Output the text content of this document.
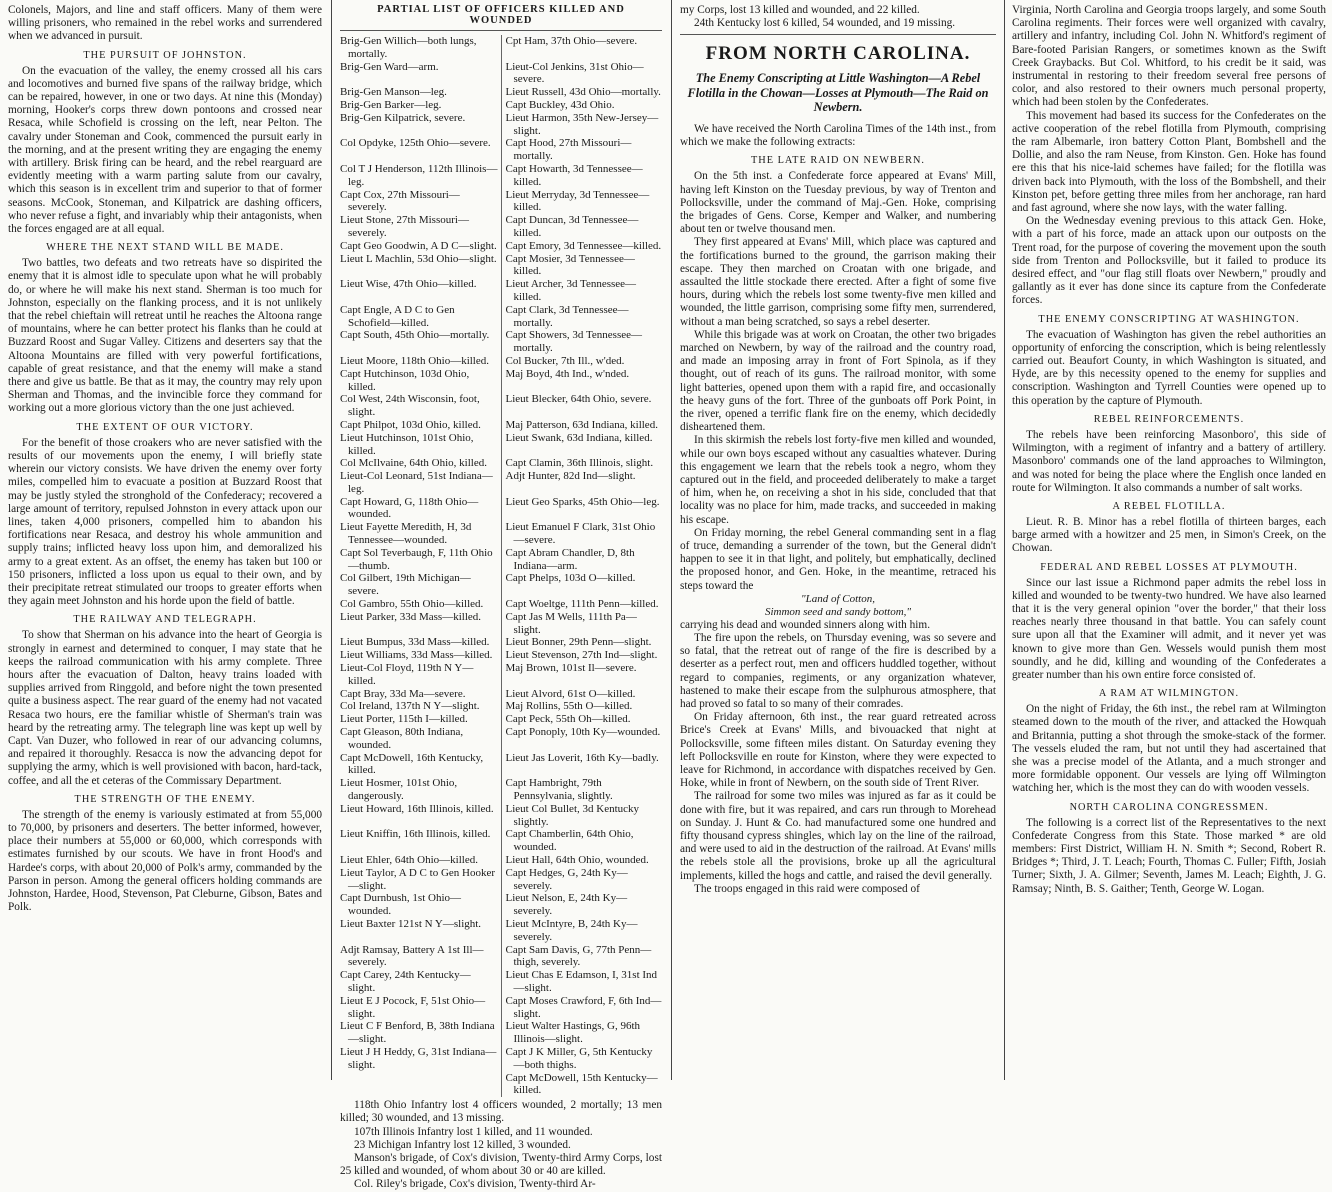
Colonels, Majors, and line and staff officers. Many of them were willing prisoners, who remained in the rebel works and surrendered when we advanced in pursuit.

THE PURSUIT OF JOHNSTON.

On the evacuation of the valley, the enemy crossed all his cars and locomotives and burned five spans of the railway bridge, which can be repaired, however, in one or two days. At nine this (Monday) morning, Hooker's corps threw down pontoons and crossed near Resaca, while Schofield is crossing on the left, near Pelton. The cavalry under Stoneman and Cook, commenced the pursuit early in the morning, and at the present writing they are engaging the enemy with artillery. Brisk firing can be heard, and the rebel rearguard are evidently meeting with a warm parting salute from our cavalry, which this season is in excellent trim and superior to that of former seasons. McCook, Stoneman, and Kilpatrick are dashing officers, who never refuse a fight, and invariably whip their antagonists, when the forces engaged are at all equal.

WHERE THE NEXT STAND WILL BE MADE.

Two battles, two defeats and two retreats have so dispirited the enemy that it is almost idle to speculate upon what he will probably do, or where he will make his next stand. Sherman is too much for Johnston, especially on the flanking process, and it is not unlikely that the rebel chieftain will retreat until he reaches the Altoona range of mountains, where he can better protect his flanks than he could at Buzzard Roost and Sugar Valley. Citizens and deserters say that the Altoona Mountains are filled with very powerful fortifications, capable of great resistance, and that the enemy will make a stand there and give us battle. Be that as it may, the country may rely upon Sherman and Thomas, and the invincible force they command for working out a more glorious victory than the one just achieved.

THE EXTENT OF OUR VICTORY.

For the benefit of those croakers who are never satisfied with the results of our movements upon the enemy, I will briefly state wherein our victory consists. We have driven the enemy over forty miles, compelled him to evacuate a position at Buzzard Roost that may be justly styled the stronghold of the Confederacy; recovered a large amount of territory, repulsed Johnston in every attack upon our lines, taken 4,000 prisoners, compelled him to abandon his fortifications near Resaca, and destroy his whole ammunition and supply trains; inflicted heavy loss upon him, and demoralized his army to a great extent. As an offset, the enemy has taken but 100 or 150 prisoners, inflicted a loss upon us equal to their own, and by their precipitate retreat stimulated our troops to greater efforts when they again meet Johnston and his horde upon the field of battle.

THE RAILWAY AND TELEGRAPH.

To show that Sherman on his advance into the heart of Georgia is strongly in earnest and determined to conquer, I may state that he keeps the railroad communication with his army complete. Three hours after the evacuation of Dalton, heavy trains loaded with supplies arrived from Ringgold, and before night the town presented quite a business aspect. The rear guard of the enemy had not vacated Resaca two hours, ere the familiar whistle of Sherman's train was heard by the retreating army. The telegraph line was kept up well by Capt. Van Duzer, who followed in rear of our advancing columns, and repaired it thoroughly. Resacca is now the advancing depot for supplying the army, which is well provisioned with bacon, hard-tack, coffee, and all the et ceteras of the Commissary Department.

THE STRENGTH OF THE ENEMY.

The strength of the enemy is variously estimated at from 55,000 to 70,000, by prisoners and deserters. The better informed, however, place their numbers at 55,000 or 60,000, which corresponds with estimates furnished by our scouts. We have in front Hood's and Hardee's corps, with about 20,000 of Polk's army, commanded by the Parson in person. Among the general officers holding commands are Johnston, Hardee, Hood, Stevenson, Pat Cleburne, Gibson, Bates and Polk.

PARTIAL LIST OF OFFICERS KILLED AND
WOUNDED
Brig-Gen Willich—both lungs, mortally.	Cpt Ham, 37th Ohio—severe.
Brig-Gen Ward—arm.	Lieut-Col Jenkins, 31st Ohio—severe.
Brig-Gen Manson—leg.	Lieut Russell, 43d Ohio—mortally.
Brig-Gen Barker—leg.	Capt Buckley, 43d Ohio.
Brig-Gen Kilpatrick, severe.	Lieut Harmon, 35th New-Jersey—slight.
Col Opdyke, 125th Ohio—severe.	Capt Hood, 27th Missouri—mortally.
Col T J Henderson, 112th Illinois—leg.	Capt Howarth, 3d Tennessee—killed.
Capt Cox, 27th Missouri—severely.	Lieut Merryday, 3d Tennessee—killed.
Lieut Stone, 27th Missouri—severely.	Capt Duncan, 3d Tennessee—killed.
Capt Geo Goodwin, A D C—slight.	Capt Emory, 3d Tennessee—killed.
Lieut L Machlin, 53d Ohio—slight.	Capt Mosier, 3d Tennessee—killed.
Lieut Wise, 47th Ohio—killed.	Lieut Archer, 3d Tennessee—killed.
Capt Engle, A D C to Gen Schofield—killed.	Capt Clark, 3d Tennessee—mortally.
Capt South, 45th Ohio—mortally.	Capt Showers, 3d Tennessee—mortally.
Lieut Moore, 118th Ohio—killed.	Col Bucker, 7th Ill., w'ded.
Capt Hutchinson, 103d Ohio, killed.	Maj Boyd, 4th Ind., w'nded.
Col West, 24th Wisconsin, foot, slight.	Lieut Blecker, 64th Ohio, severe.
Capt Philpot, 103d Ohio, killed.	Maj Patterson, 63d Indiana, killed.
Lieut Hutchinson, 101st Ohio, killed.	Lieut Swank, 63d Indiana, killed.
Col McIlvaine, 64th Ohio, killed.	Capt Clamin, 36th Illinois, slight.
Lieut-Col Leonard, 51st Indiana—leg.	Adjt Hunter, 82d Ind—slight.
Capt Howard, G, 118th Ohio—wounded.	Lieut Geo Sparks, 45th Ohio—leg.
Lieut Fayette Meredith, H, 3d Tennessee—wounded.	Lieut Emanuel F Clark, 31st Ohio—severe.
Capt Sol Teverbaugh, F, 11th Ohio—thumb.	Capt Abram Chandler, D, 8th Indiana—arm.
Col Gilbert, 19th Michigan—severe.	Capt Phelps, 103d O—killed.
Col Gambro, 55th Ohio—killed.	Capt Woeltge, 111th Penn—killed.
Lieut Parker, 33d Mass—killed.	Capt Jas M Wells, 111th Pa—slight.
Lieut Bumpus, 33d Mass—killed.	Lieut Bonner, 29th Penn—slight.
Lieut Williams, 33d Mass—killed.	Lieut Stevenson, 27th Ind—slight.
Lieut-Col Floyd, 119th N Y—killed.	Maj Brown, 101st Il—severe.
Capt Bray, 33d Ma—severe.	Lieut Alvord, 61st O—killed.
Col Ireland, 137th N Y—slight.	Maj Rollins, 55th O—killed.
Lieut Porter, 115th I—killed.	Capt Peck, 55th Oh—killed.
Capt Gleason, 80th Indiana, wounded.	Capt Ponoply, 10th Ky—wounded.
Capt McDowell, 16th Kentucky, killed.	Lieut Jas Loverit, 16th Ky—badly.
Lieut Hosmer, 101st Ohio, dangerously.	Capt Hambright, 79th Pennsylvania, slightly.
Lieut Howard, 16th Illinois, killed.	Lieut Col Bullet, 3d Kentucky slightly.
Lieut Kniffin, 16th Illinois, killed.	Capt Chamberlin, 64th Ohio, wounded.
Lieut Ehler, 64th Ohio—killed.	Lieut Hall, 64th Ohio, wounded.
Lieut Taylor, A D C to Gen Hooker—slight.	Capt Hedges, G, 24th Ky—severely.
Capt Durnbush, 1st Ohio—wounded.	Lieut Nelson, E, 24th Ky—severely.
Lieut Baxter 121st N Y—slight.	Lieut McIntyre, B, 24th Ky—severely.
Adjt Ramsay, Battery A 1st Ill—severely.	Capt Sam Davis, G, 77th Penn—thigh, severely.
Capt Carey, 24th Kentucky—slight.	Lieut Chas E Edamson, I, 31st Ind—slight.
Lieut E J Pocock, F, 51st Ohio—slight.	Capt Moses Crawford, F, 6th Ind—slight.
Lieut C F Benford, B, 38th Indiana—slight.	Lieut Walter Hastings, G, 96th Illinois—slight.
Lieut J H Heddy, G, 31st Indiana—slight.	Capt J K Miller, G, 5th Kentucky—both thighs.
	Capt McDowell, 15th Kentucky—killed.

118th Ohio Infantry lost 4 officers wounded, 2 mortally; 13 men killed; 30 wounded, and 13 missing.

107th Illinois Infantry lost 1 killed, and 11 wounded.

23 Michigan Infantry lost 12 killed, 3 wounded.

Manson's brigade, of Cox's division, Twenty-third Army Corps, lost 25 killed and wounded, of whom about 30 or 40 are killed.

Col. Riley's brigade, Cox's division, Twenty-third Ar-

my Corps, lost 13 killed and wounded, and 22 killed.

24th Kentucky lost 6 killed, 54 wounded, and 19 missing.

FROM NORTH CAROLINA.
The Enemy Conscripting at Little Washington—A Rebel Flotilla in the Chowan—Losses at Plymouth—The Raid on Newbern.

We have received the North Carolina Times of the 14th inst., from which we make the following extracts:

THE LATE RAID ON NEWBERN.

On the 5th inst. a Confederate force appeared at Evans' Mill, having left Kinston on the Tuesday previous, by way of Trenton and Pollocksville, under the command of Maj.-Gen. Hoke, comprising the brigades of Gens. Corse, Kemper and Walker, and numbering about ten or twelve thousand men.

They first appeared at Evans' Mill, which place was captured and the fortifications burned to the ground, the garrison making their escape. They then marched on Croatan with one brigade, and assaulted the little stockade there erected. After a fight of some five hours, during which the rebels lost some twenty-five men killed and wounded, the little garrison, comprising some fifty men, surrendered, without a man being scratched, so says a rebel deserter.

While this brigade was at work on Croatan, the other two brigades marched on Newbern, by way of the railroad and the country road, and made an imposing array in front of Fort Spinola, as if they thought, out of reach of its guns. The railroad monitor, with some light batteries, opened upon them with a rapid fire, and occasionally the heavy guns of the fort. Three of the gunboats off Pork Point, in the river, opened a terrific flank fire on the enemy, which decidedly disheartened them.

In this skirmish the rebels lost forty-five men killed and wounded, while our own boys escaped without any casualties whatever. During this engagement we learn that the rebels took a negro, whom they captured out in the field, and proceeded deliberately to make a target of him, when he, on receiving a shot in his side, concluded that that locality was no place for him, made tracks, and succeeded in making his escape.

On Friday morning, the rebel General commanding sent in a flag of truce, demanding a surrender of the town, but the General didn't happen to see it in that light, and politely, but emphatically, declined the proposed honor, and Gen. Hoke, in the meantime, retraced his steps toward the

"Land of Cotton,
Simmon seed and sandy bottom,"

carrying his dead and wounded sinners along with him.

The fire upon the rebels, on Thursday evening, was so severe and so fatal, that the retreat out of range of the fire is described by a deserter as a perfect rout, men and officers huddled together, without regard to companies, regiments, or any organization whatever, hastened to make their escape from the sulphurous atmosphere, that had proved so fatal to so many of their comrades.

On Friday afternoon, 6th inst., the rear guard retreated across Brice's Creek at Evans' Mills, and bivouacked that night at Pollocksville, some fifteen miles distant. On Saturday evening they left Pollocksville en route for Kinston, where they were expected to leave for Richmond, in accordance with dispatches received by Gen. Hoke, while in front of Newbern, on the south side of Trent River.

The railroad for some two miles was injured as far as it could be done with fire, but it was repaired, and cars run through to Morehead on Sunday. J. Hunt & Co. had manufactured some one hundred and fifty thousand cypress shingles, which lay on the line of the railroad, and were used to aid in the destruction of the railroad. At Evans' mills the rebels stole all the provisions, broke up all the agricultural implements, killed the hogs and cattle, and raised the devil generally.

The troops engaged in this raid were composed of

Virginia, North Carolina and Georgia troops largely, and some South Carolina regiments. Their forces were well organized with cavalry, artillery and infantry, including Col. John N. Whitford's regiment of Bare-footed Parisian Rangers, or sometimes known as the Swift Creek Graybacks. But Col. Whitford, to his credit be it said, was instrumental in restoring to their freedom several free persons of color, and also restored to their owners much personal property, which had been stolen by the Confederates.

This movement had based its success for the Confederates on the active cooperation of the rebel flotilla from Plymouth, comprising the ram Albemarle, iron battery Cotton Plant, Bombshell and the Dollie, and also the ram Neuse, from Kinston. Gen. Hoke has found ere this that his nice-laid schemes have failed; for the flotilla was driven back into Plymouth, with the loss of the Bombshell, and their Kinston pet, before getting three miles from her anchorage, ran hard and fast aground, where she now lays, with the water falling.

On the Wednesday evening previous to this attack Gen. Hoke, with a part of his force, made an attack upon our outposts on the Trent road, for the purpose of covering the movement upon the south side from Trenton and Pollocksville, but it failed to produce its desired effect, and "our flag still floats over Newbern," proudly and gallantly as it ever has done since its capture from the Confederate forces.

THE ENEMY CONSCRIPTING AT WASHINGTON.

The evacuation of Washington has given the rebel authorities an opportunity of enforcing the conscription, which is being relentlessly carried out. Beaufort County, in which Washington is situated, and Hyde, are by this necessity opened to the enemy for supplies and conscription. Washington and Tyrrell Counties were opened up to this operation by the capture of Plymouth.

REBEL REINFORCEMENTS.

The rebels have been reinforcing Masonboro', this side of Wilmington, with a regiment of infantry and a battery of artillery. Masonboro' commands one of the land approaches to Wilmington, and was noted for being the place where the English once landed en route for Wilmington. It also commands a number of salt works.

A REBEL FLOTILLA.

Lieut. R. B. Minor has a rebel flotilla of thirteen barges, each barge armed with a howitzer and 25 men, in Simon's Creek, on the Chowan.

FEDERAL AND REBEL LOSSES AT PLYMOUTH.

Since our last issue a Richmond paper admits the rebel loss in killed and wounded to be twenty-two hundred. We have also learned that it is the very general opinion "over the border," that their loss reaches nearly three thousand in that battle. You can safely count sure upon all that the Examiner will admit, and it never yet was known to give more than Gen. Wessels would punish them most soundly, and he did, killing and wounding of the Confederates a greater number than his own entire force consisted of.

A RAM AT WILMINGTON.

On the night of Friday, the 6th inst., the rebel ram at Wilmington steamed down to the mouth of the river, and attacked the Howquah and Britannia, putting a shot through the smoke-stack of the former. The vessels eluded the ram, but not until they had ascertained that she was a precise model of the Atlanta, and a much stronger and more formidable opponent. Our vessels are lying off Wilmington watching her, which is the most they can do with wooden vessels.

NORTH CAROLINA CONGRESSMEN.

The following is a correct list of the Representatives to the next Confederate Congress from this State. Those marked * are old members: First District, William H. N. Smith *; Second, Robert R. Bridges *; Third, J. T. Leach; Fourth, Thomas C. Fuller; Fifth, Josiah Turner; Sixth, J. A. Gilmer; Seventh, James M. Leach; Eighth, J. G. Ramsay; Ninth, B. S. Gaither; Tenth, George W. Logan.
